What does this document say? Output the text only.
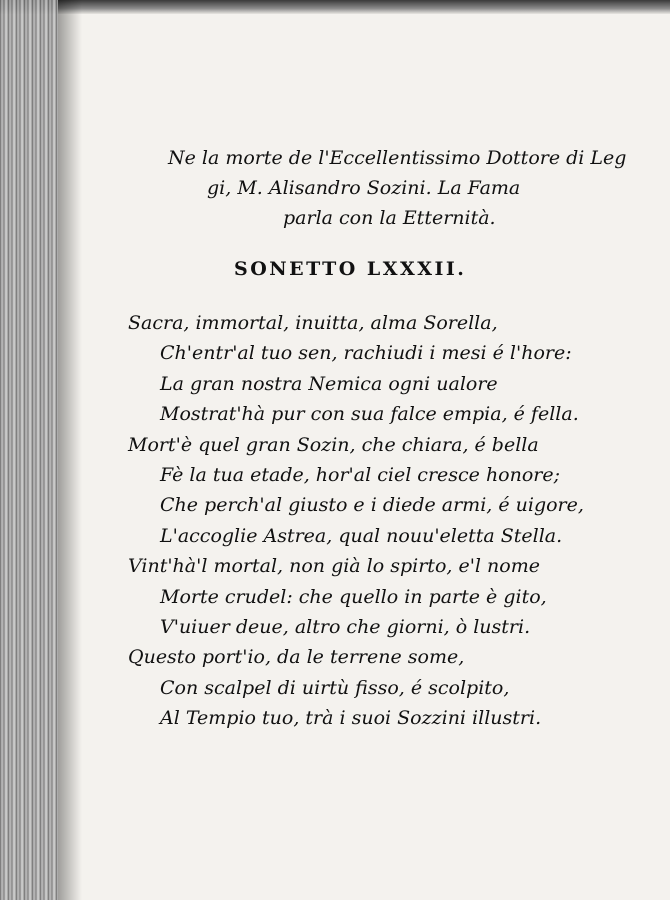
Ne la morte de l'Eccellentissimo Dottore di Leg
gi, M. Alisandro Sozini. La Fama
parla con la Etternità.
SONETTO LXXXII.
Sacra, immortal, inuitta, alma Sorella,
Ch'entr'al tuo sen, rachiudi i mesi é l'hore:
La gran nostra Nemica ogni ualore
Mostrat'hà pur con sua falce empia, é fella.
Mort'è quel gran Sozin, che chiara, é bella
Fè la tua etade, hor'al ciel cresce honore;
Che perch'al giusto e i diede armi, é uigore,
L'accoglie Astrea, qual nouu'eletta Stella.
Vint'hà'l mortal, non già lo spirto, e'l nome
Morte crudel: che quello in parte è gito,
V'uiuer deue, altro che giorni, ò lustri.
Questo port'io, da le terrene some,
Con scalpel di uirtù fisso, é scolpito,
Al Tempio tuo, trà i suoi Sozzini illustri.
